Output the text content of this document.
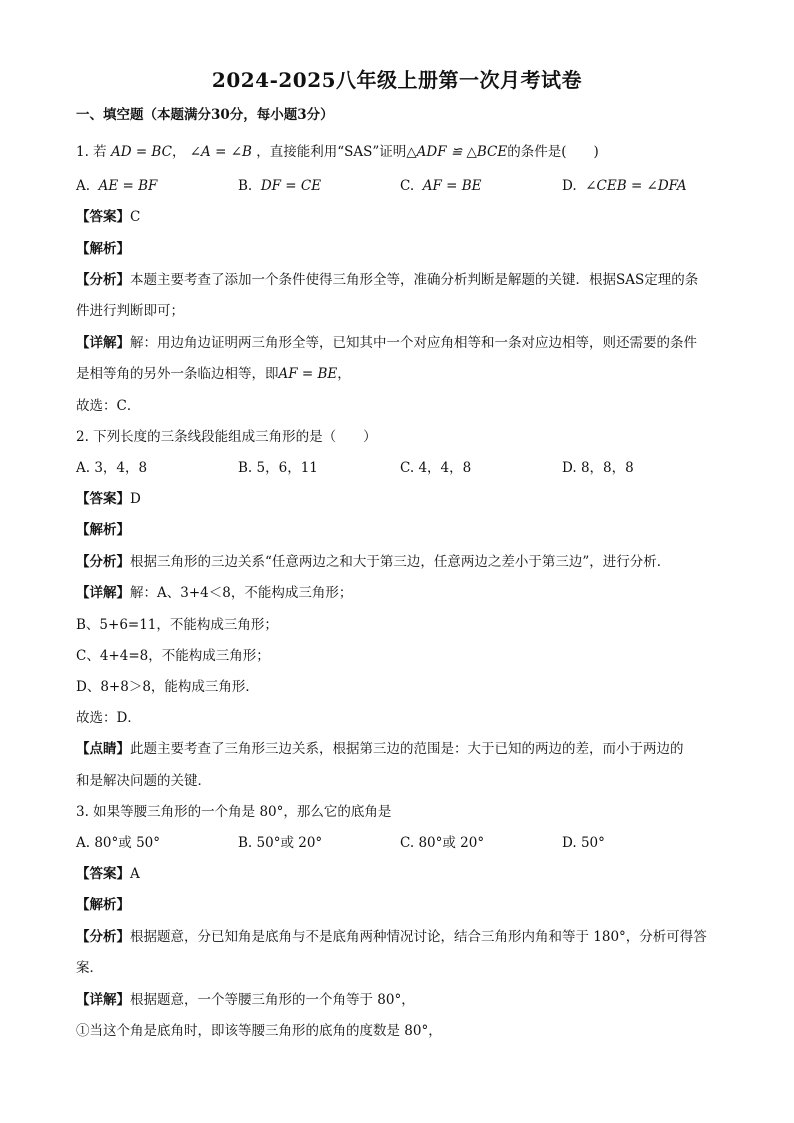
2024-2025八年级上册第一次月考试卷
一、填空题（本题满分30分，每小题3分）
1. 若 AD = BC， ∠A = ∠B ，直接能利用“SAS”证明△ADF ≌ △BCE的条件是(　　)
A. AE = BF	B. DF = CE	C. AF = BE	D. ∠CEB = ∠DFA
【答案】C
【解析】
【分析】本题主要考查了添加一个条件使得三角形全等，准确分析判断是解题的关键．根据SAS定理的条
件进行判断即可；
【详解】解：用边角边证明两三角形全等，已知其中一个对应角相等和一条对应边相等，则还需要的条件
是相等角的另外一条临边相等，即AF = BE，
故选：C．
2. 下列长度的三条线段能组成三角形的是（　　）
A. 3，4，8	B. 5，6，11	C. 4，4，8	D. 8，8，8
【答案】D
【解析】
【分析】根据三角形的三边关系“任意两边之和大于第三边，任意两边之差小于第三边”，进行分析．
【详解】解：A、3+4＜8，不能构成三角形；
B、5+6=11，不能构成三角形；
C、4+4=8，不能构成三角形；
D、8+8＞8，能构成三角形．
故选：D．
【点睛】此题主要考查了三角形三边关系，根据第三边的范围是：大于已知的两边的差，而小于两边的
和是解决问题的关键．
3. 如果等腰三角形的一个角是 80°，那么它的底角是
A. 80°或 50°	B. 50°或 20°	C. 80°或 20°	D. 50°
【答案】A
【解析】
【分析】根据题意，分已知角是底角与不是底角两种情况讨论，结合三角形内角和等于 180°，分析可得答
案．
【详解】根据题意，一个等腰三角形的一个角等于 80°，
①当这个角是底角时，即该等腰三角形的底角的度数是 80°，
